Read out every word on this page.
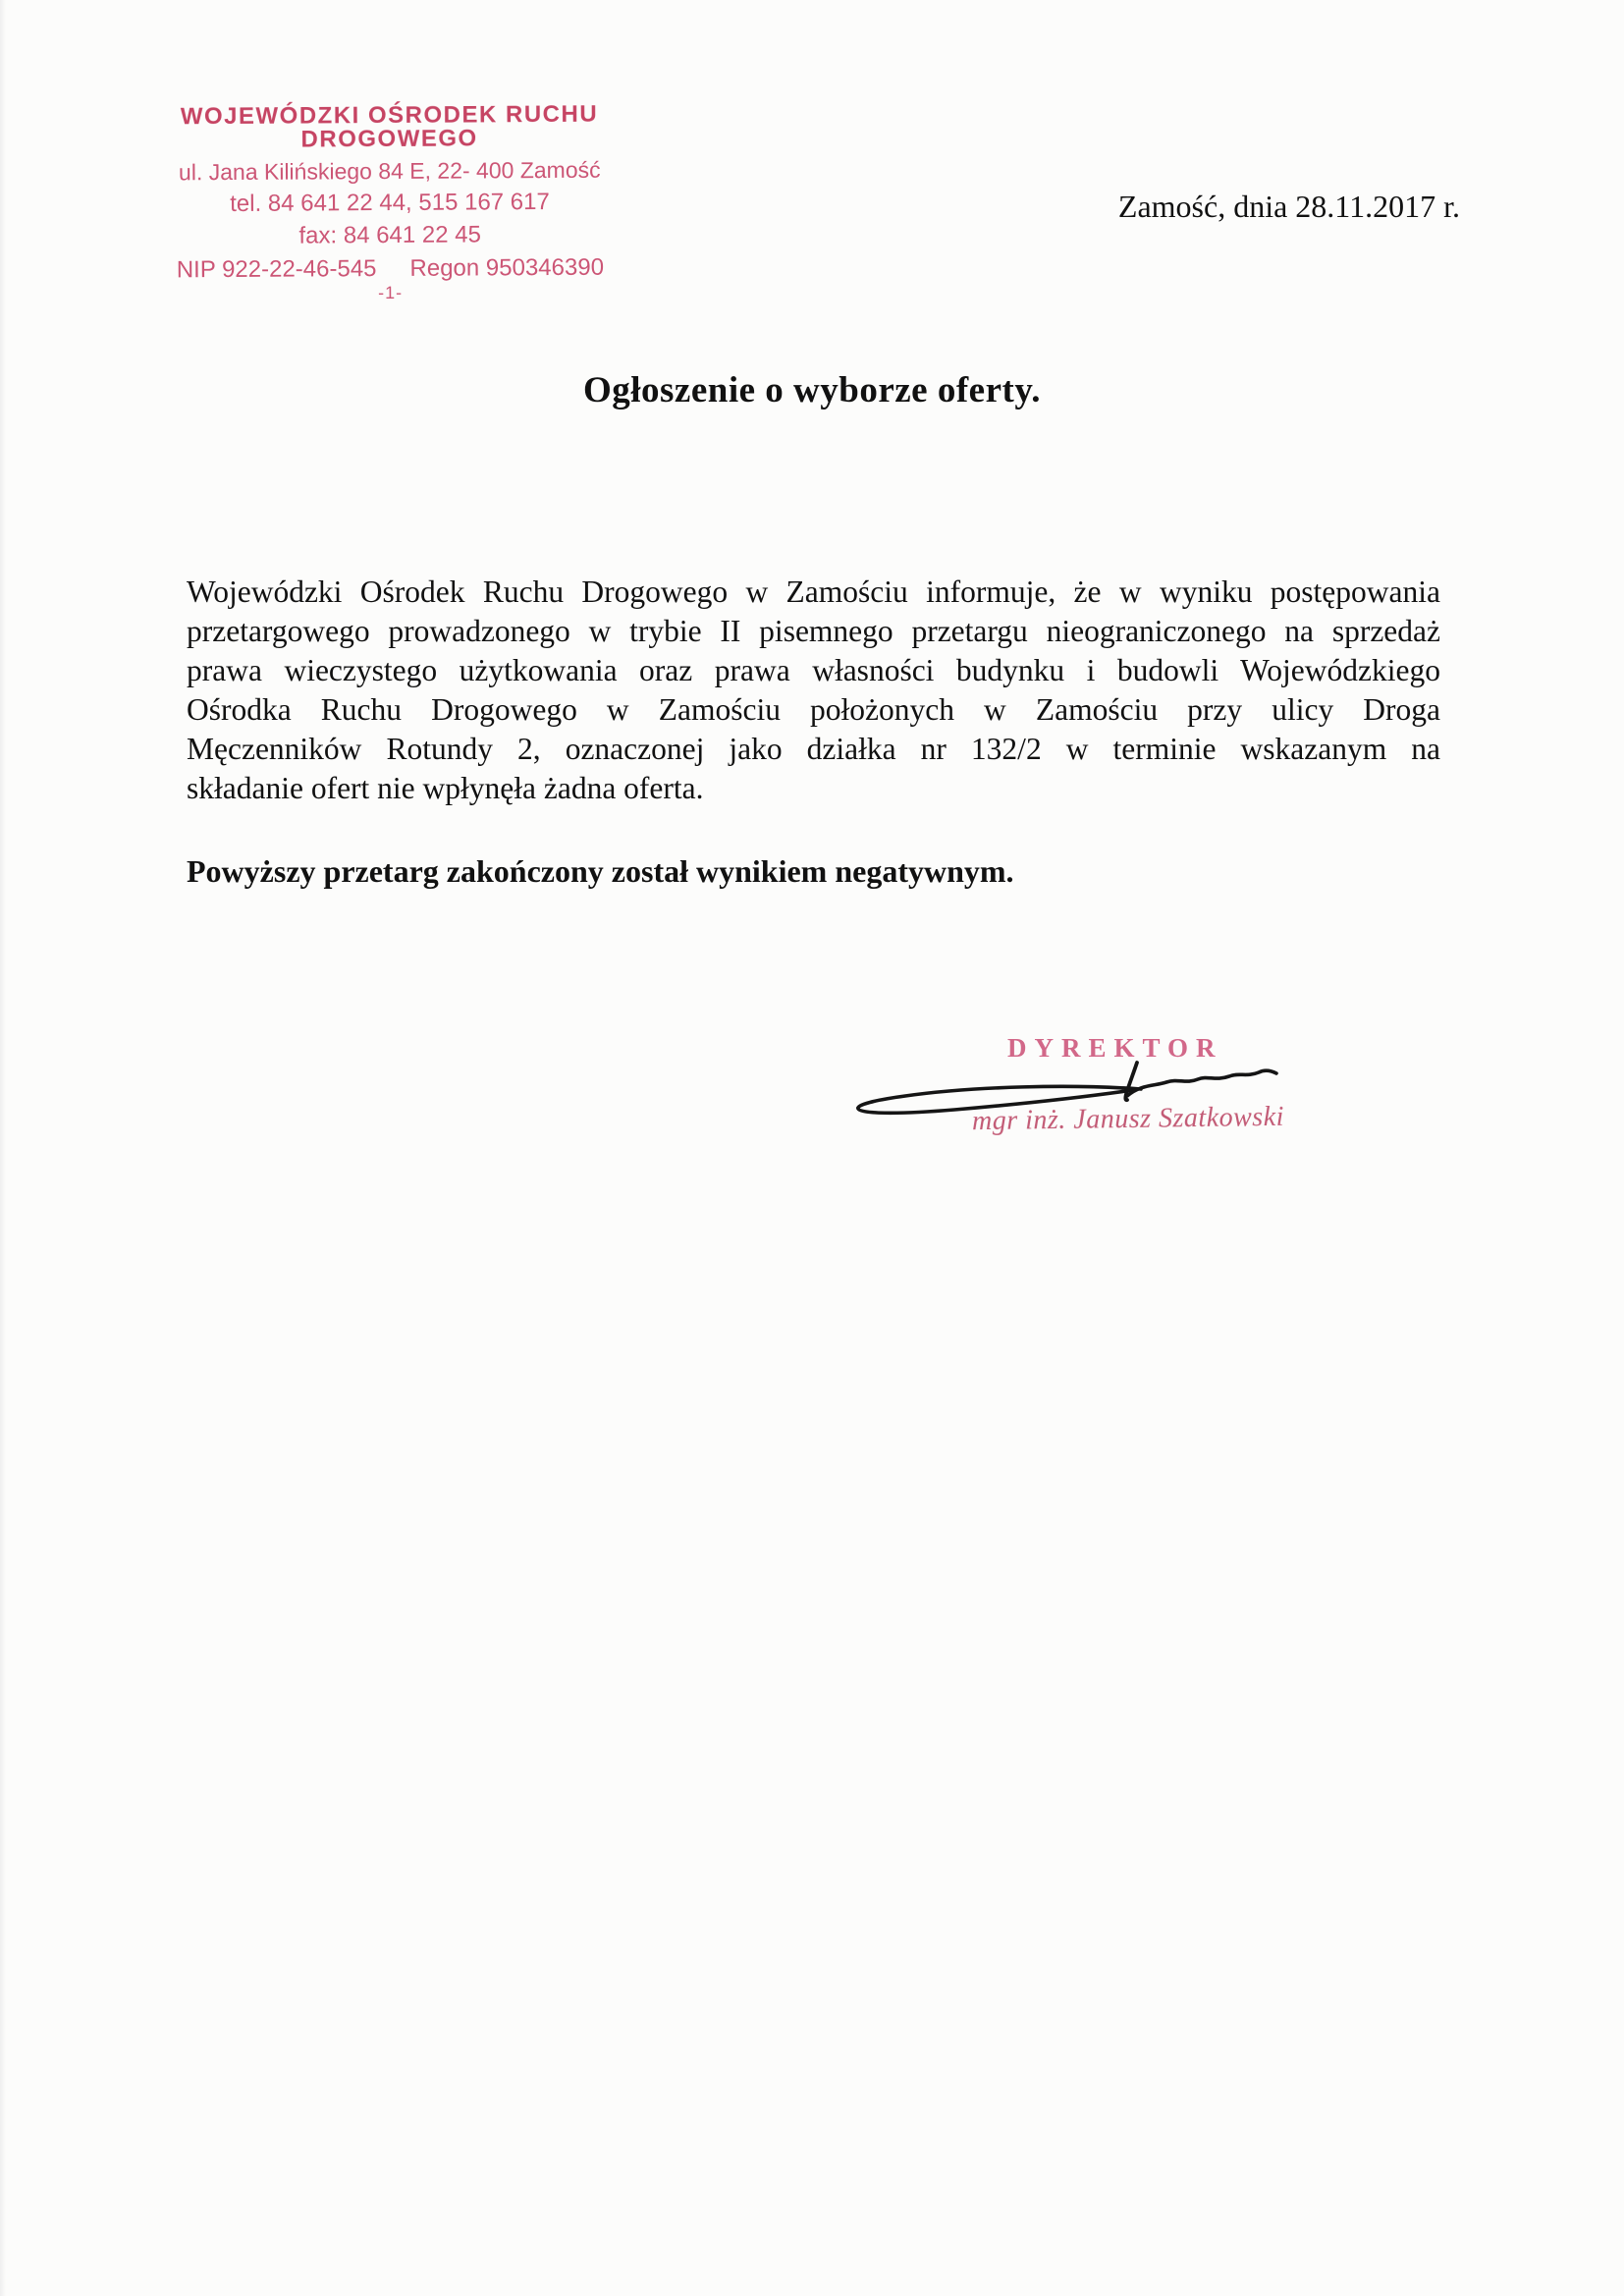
WOJEWÓDZKI OŚRODEK RUCHU DROGOWEGO
ul. Jana Kilińskiego 84 E, 22- 400 Zamość
tel. 84 641 22 44, 515 167 617
fax: 84 641 22 45
NIP 922-22-46-545 Regon 950346390
-1-
Zamość, dnia 28.11.2017 r.
Ogłoszenie o wyborze oferty.
Wojewódzki Ośrodek Ruchu Drogowego w Zamościu informuje, że w wyniku postępowania
przetargowego prowadzonego w trybie II pisemnego przetargu nieograniczonego na sprzedaż
prawa wieczystego użytkowania oraz prawa własności budynku i budowli Wojewódzkiego
Ośrodka Ruchu Drogowego w Zamościu położonych w Zamościu przy ulicy Droga
Męczenników Rotundy 2, oznaczonej jako działka nr 132/2 w terminie wskazanym na
składanie ofert nie wpłynęła żadna oferta.
Powyższy przetarg zakończony został wynikiem negatywnym.
DYREKTOR
mgr inż. Janusz Szatkowski
